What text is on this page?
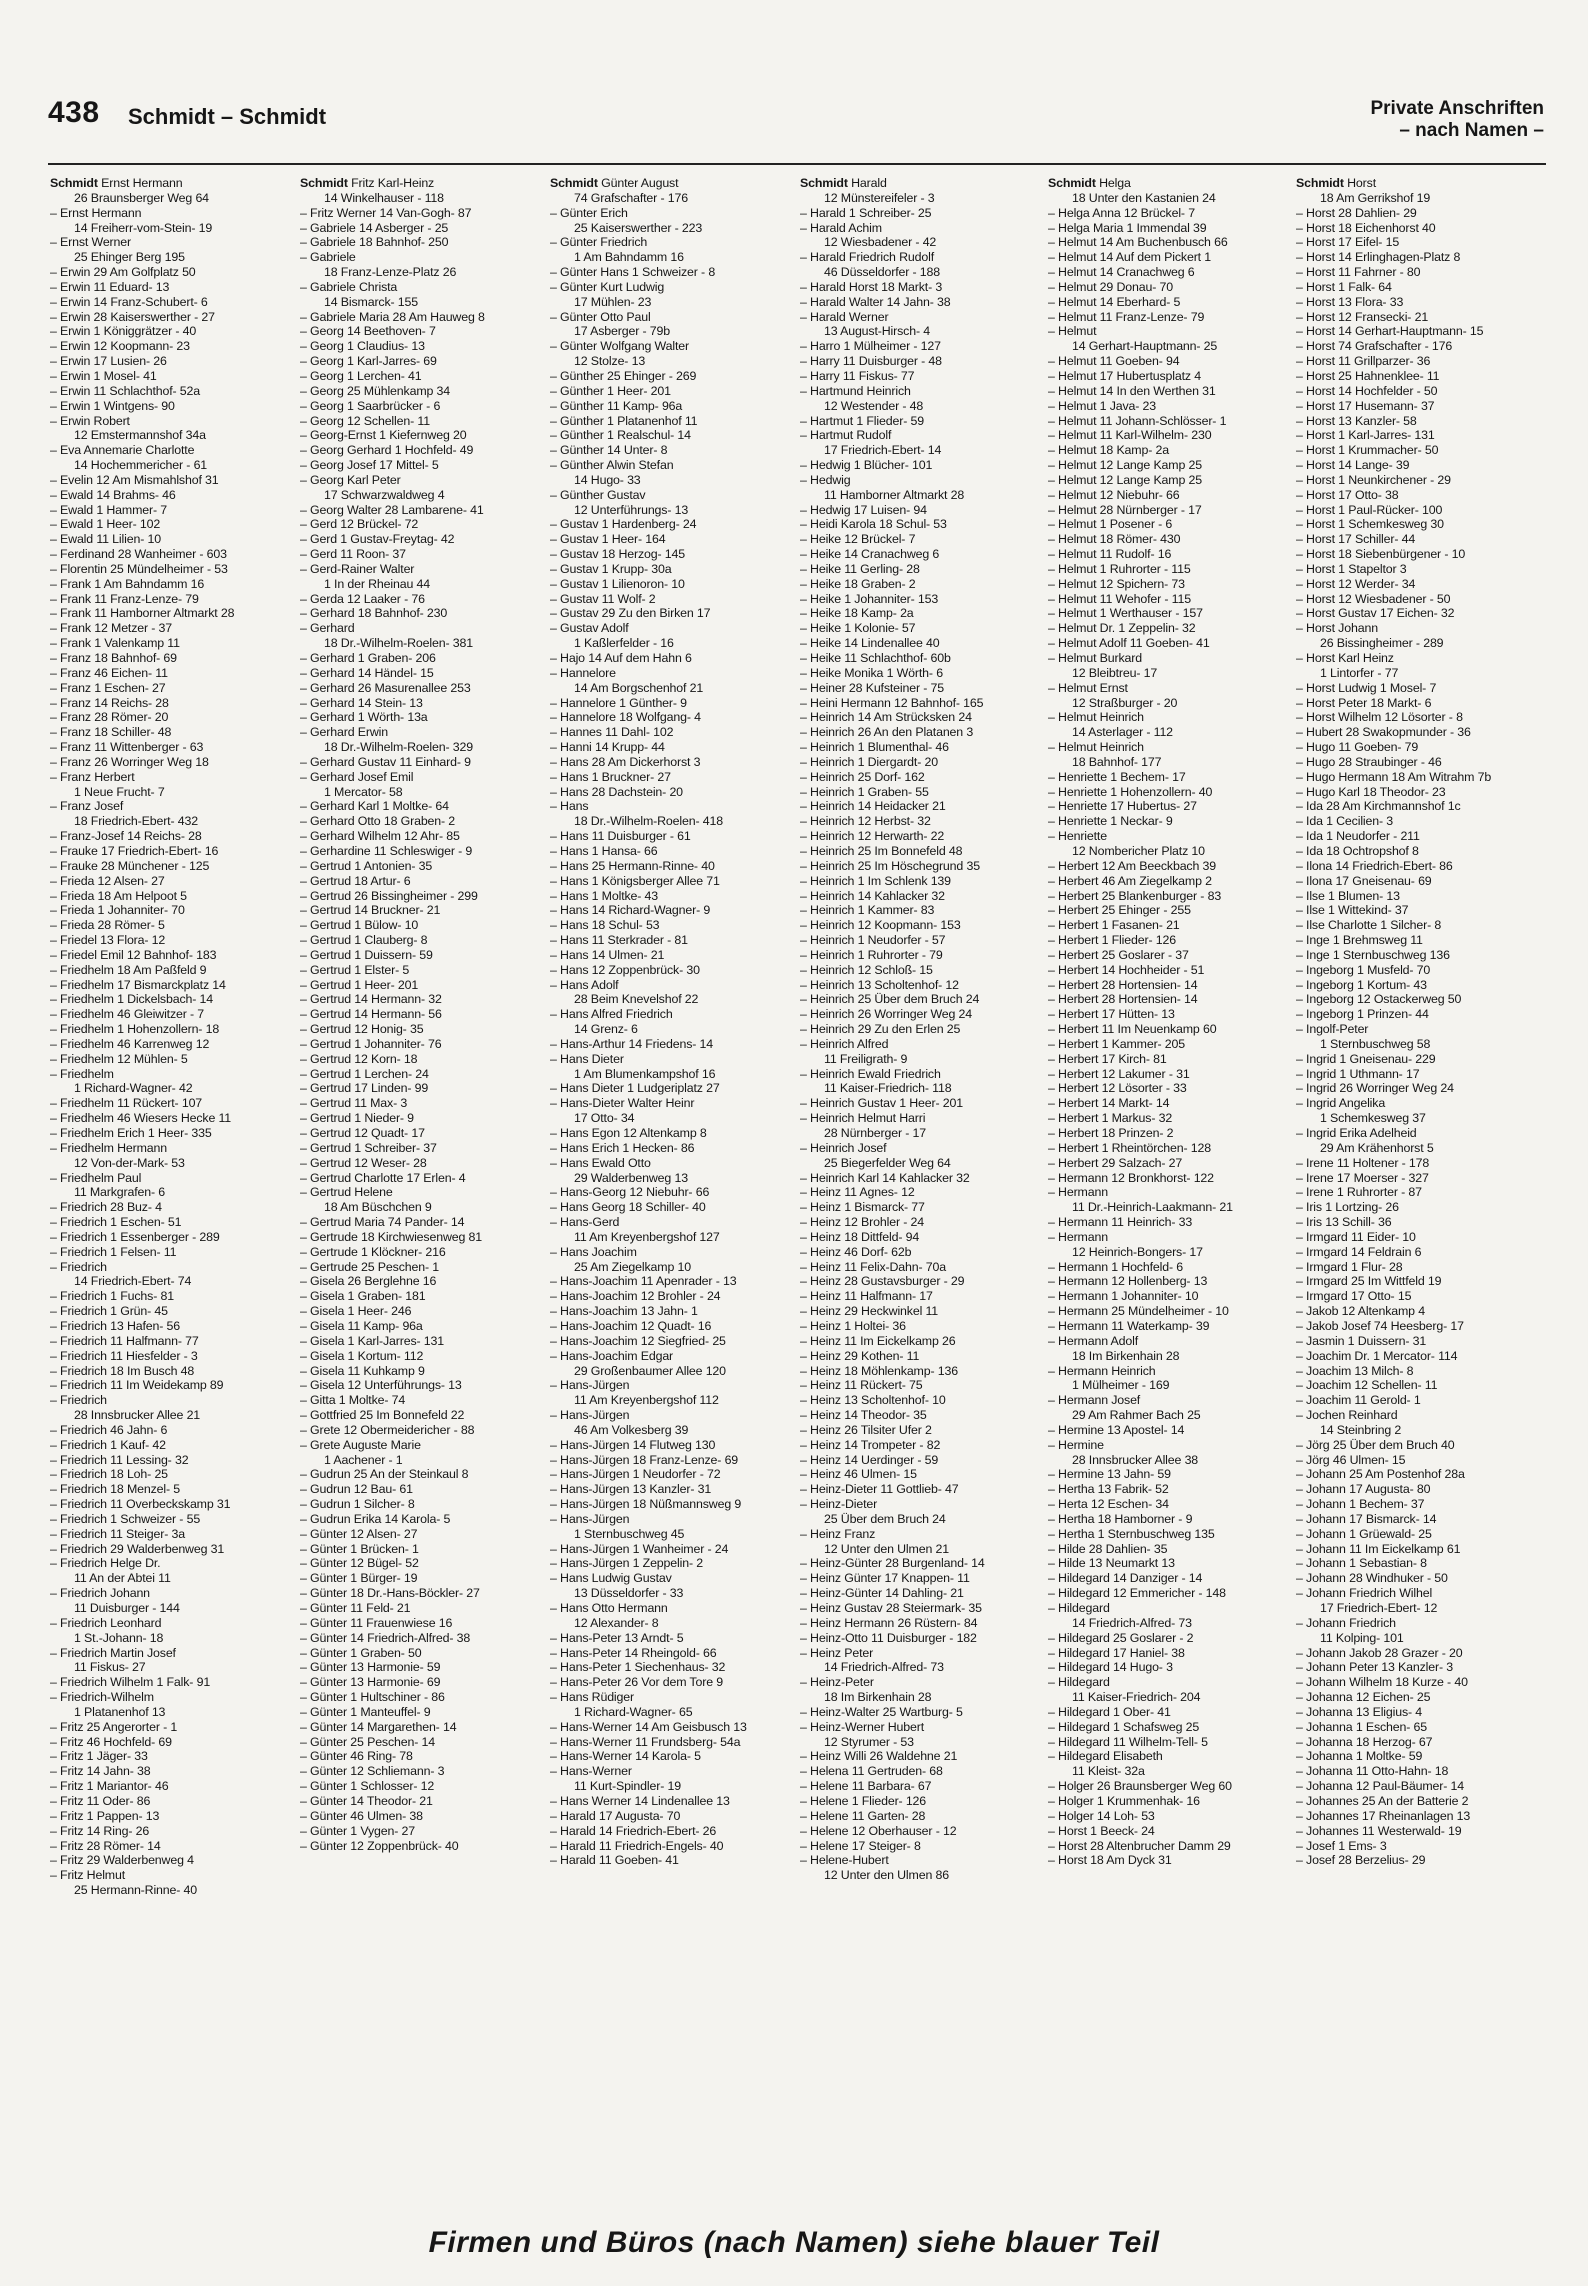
438 Schmidt – Schmidt	Private Anschriften
– nach Namen –
Schmidt Ernst Hermann
26 Braunsberger Weg 64
– Ernst Hermann
14 Freiherr-vom-Stein- 19
– Ernst Werner
25 Ehinger Berg 195
– Erwin 29 Am Golfplatz 50
– Erwin 11 Eduard- 13
– Erwin 14 Franz-Schubert- 6
– Erwin 28 Kaiserswerther - 27
– Erwin 1 Königgrätzer - 40
– Erwin 12 Koopmann- 23
– Erwin 17 Lusien- 26
– Erwin 1 Mosel- 41
– Erwin 11 Schlachthof- 52a
– Erwin 1 Wintgens- 90
– Erwin Robert
12 Emstermannshof 34a
– Eva Annemarie Charlotte
14 Hochemmericher - 61
– Evelin 12 Am Mismahlshof 31
– Ewald 14 Brahms- 46
– Ewald 1 Hammer- 7
– Ewald 1 Heer- 102
– Ewald 11 Lilien- 10
– Ferdinand 28 Wanheimer - 603
– Florentin 25 Mündelheimer - 53
– Frank 1 Am Bahndamm 16
– Frank 11 Franz-Lenze- 79
– Frank 11 Hamborner Altmarkt 28
– Frank 12 Metzer - 37
– Frank 1 Valenkamp 11
– Franz 18 Bahnhof- 69
– Franz 46 Eichen- 11
– Franz 1 Eschen- 27
– Franz 14 Reichs- 28
– Franz 28 Römer- 20
– Franz 18 Schiller- 48
– Franz 11 Wittenberger - 63
– Franz 26 Worringer Weg 18
– Franz Herbert
1 Neue Frucht- 7
– Franz Josef
18 Friedrich-Ebert- 432
– Franz-Josef 14 Reichs- 28
– Frauke 17 Friedrich-Ebert- 16
– Frauke 28 Münchener - 125
– Frieda 12 Alsen- 27
– Frieda 18 Am Helpoot 5
– Frieda 1 Johanniter- 70
– Frieda 28 Römer- 5
– Friedel 13 Flora- 12
– Friedel Emil 12 Bahnhof- 183
– Friedhelm 18 Am Paßfeld 9
– Friedhelm 17 Bismarckplatz 14
– Friedhelm 1 Dickelsbach- 14
– Friedhelm 46 Gleiwitzer - 7
– Friedhelm 1 Hohenzollern- 18
– Friedhelm 46 Karrenweg 12
– Friedhelm 12 Mühlen- 5
– Friedhelm
1 Richard-Wagner- 42
– Friedhelm 11 Rückert- 107
– Friedhelm 46 Wiesers Hecke 11
– Friedhelm Erich 1 Heer- 335
– Friedhelm Hermann
12 Von-der-Mark- 53
– Friedhelm Paul
11 Markgrafen- 6
– Friedrich 28 Buz- 4
– Friedrich 1 Eschen- 51
– Friedrich 1 Essenberger - 289
– Friedrich 1 Felsen- 11
– Friedrich
14 Friedrich-Ebert- 74
– Friedrich 1 Fuchs- 81
– Friedrich 1 Grün- 45
– Friedrich 13 Hafen- 56
– Friedrich 11 Halfmann- 77
– Friedrich 11 Hiesfelder - 3
– Friedrich 18 Im Busch 48
– Friedrich 11 Im Weidekamp 89
– Friedrich
28 Innsbrucker Allee 21
– Friedrich 46 Jahn- 6
– Friedrich 1 Kauf- 42
– Friedrich 11 Lessing- 32
– Friedrich 18 Loh- 25
– Friedrich 18 Menzel- 5
– Friedrich 11 Overbeckskamp 31
– Friedrich 1 Schweizer - 55
– Friedrich 11 Steiger- 3a
– Friedrich 29 Walderbenweg 31
– Friedrich Helge Dr.
11 An der Abtei 11
– Friedrich Johann
11 Duisburger - 144
– Friedrich Leonhard
1 St.-Johann- 18
– Friedrich Martin Josef
11 Fiskus- 27
– Friedrich Wilhelm 1 Falk- 91
– Friedrich-Wilhelm
1 Platanenhof 13
– Fritz 25 Angerorter - 1
– Fritz 46 Hochfeld- 69
– Fritz 1 Jäger- 33
– Fritz 14 Jahn- 38
– Fritz 1 Mariantor- 46
– Fritz 11 Oder- 86
– Fritz 1 Pappen- 13
– Fritz 14 Ring- 26
– Fritz 28 Römer- 14
– Fritz 29 Walderbenweg 4
– Fritz Helmut
25 Hermann-Rinne- 40
Schmidt Fritz Karl-Heinz
14 Winkelhauser - 118
– Fritz Werner 14 Van-Gogh- 87
– Gabriele 14 Asberger - 25
– Gabriele 18 Bahnhof- 250
– Gabriele
18 Franz-Lenze-Platz 26
– Gabriele Christa
14 Bismarck- 155
– Gabriele Maria 28 Am Hauweg 8
– Georg 14 Beethoven- 7
– Georg 1 Claudius- 13
– Georg 1 Karl-Jarres- 69
– Georg 1 Lerchen- 41
– Georg 25 Mühlenkamp 34
– Georg 1 Saarbrücker - 6
– Georg 12 Schellen- 11
– Georg-Ernst 1 Kiefernweg 20
– Georg Gerhard 1 Hochfeld- 49
– Georg Josef 17 Mittel- 5
– Georg Karl Peter
17 Schwarzwaldweg 4
– Georg Walter 28 Lambarene- 41
– Gerd 12 Brückel- 72
– Gerd 1 Gustav-Freytag- 42
– Gerd 11 Roon- 37
– Gerd-Rainer Walter
1 In der Rheinau 44
– Gerda 12 Laaker - 76
– Gerhard 18 Bahnhof- 230
– Gerhard
18 Dr.-Wilhelm-Roelen- 381
– Gerhard 1 Graben- 206
– Gerhard 14 Händel- 15
– Gerhard 26 Masurenallee 253
– Gerhard 14 Stein- 13
– Gerhard 1 Wörth- 13a
– Gerhard Erwin
18 Dr.-Wilhelm-Roelen- 329
– Gerhard Gustav 11 Einhard- 9
– Gerhard Josef Emil
1 Mercator- 58
– Gerhard Karl 1 Moltke- 64
– Gerhard Otto 18 Graben- 2
– Gerhard Wilhelm 12 Ahr- 85
– Gerhardine 11 Schleswiger - 9
– Gertrud 1 Antonien- 35
– Gertrud 18 Artur- 6
– Gertrud 26 Bissingheimer - 299
– Gertrud 14 Bruckner- 21
– Gertrud 1 Bülow- 10
– Gertrud 1 Clauberg- 8
– Gertrud 1 Duissern- 59
– Gertrud 1 Elster- 5
– Gertrud 1 Heer- 201
– Gertrud 14 Hermann- 32
– Gertrud 14 Hermann- 56
– Gertrud 12 Honig- 35
– Gertrud 1 Johanniter- 76
– Gertrud 12 Korn- 18
– Gertrud 1 Lerchen- 24
– Gertrud 17 Linden- 99
– Gertrud 11 Max- 3
– Gertrud 1 Nieder- 9
– Gertrud 12 Quadt- 17
– Gertrud 1 Schreiber- 37
– Gertrud 12 Weser- 28
– Gertrud Charlotte 17 Erlen- 4
– Gertrud Helene
18 Am Büschchen 9
– Gertrud Maria 74 Pander- 14
– Gertrude 18 Kirchwiesenweg 81
– Gertrude 1 Klöckner- 216
– Gertrude 25 Peschen- 1
– Gisela 26 Berglehne 16
– Gisela 1 Graben- 181
– Gisela 1 Heer- 246
– Gisela 11 Kamp- 96a
– Gisela 1 Karl-Jarres- 131
– Gisela 1 Kortum- 112
– Gisela 11 Kuhkamp 9
– Gisela 12 Unterführungs- 13
– Gitta 1 Moltke- 74
– Gottfried 25 Im Bonnefeld 22
– Grete 12 Obermeidericher - 88
– Grete Auguste Marie
1 Aachener - 1
– Gudrun 25 An der Steinkaul 8
– Gudrun 12 Bau- 61
– Gudrun 1 Silcher- 8
– Gudrun Erika 14 Karola- 5
– Günter 12 Alsen- 27
– Günter 1 Brücken- 1
– Günter 12 Bügel- 52
– Günter 1 Bürger- 19
– Günter 18 Dr.-Hans-Böckler- 27
– Günter 11 Feld- 21
– Günter 11 Frauenwiese 16
– Günter 14 Friedrich-Alfred- 38
– Günter 1 Graben- 50
– Günter 13 Harmonie- 59
– Günter 13 Harmonie- 69
– Günter 1 Hultschiner - 86
– Günter 1 Manteuffel- 9
– Günter 14 Margarethen- 14
– Günter 25 Peschen- 14
– Günter 46 Ring- 78
– Günter 12 Schliemann- 3
– Günter 1 Schlosser- 12
– Günter 14 Theodor- 21
– Günter 46 Ulmen- 38
– Günter 1 Vygen- 27
– Günter 12 Zoppenbrück- 40
Schmidt Günter August
74 Grafschafter - 176
– Günter Erich
25 Kaiserswerther - 223
– Günter Friedrich
1 Am Bahndamm 16
– Günter Hans 1 Schweizer - 8
– Günter Kurt Ludwig
17 Mühlen- 23
– Günter Otto Paul
17 Asberger - 79b
– Günter Wolfgang Walter
12 Stolze- 13
– Günther 25 Ehinger - 269
– Günther 1 Heer- 201
– Günther 11 Kamp- 96a
– Günther 1 Platanenhof 11
– Günther 1 Realschul- 14
– Günther 14 Unter- 8
– Günther Alwin Stefan
14 Hugo- 33
– Günther Gustav
12 Unterführungs- 13
– Gustav 1 Hardenberg- 24
– Gustav 1 Heer- 164
– Gustav 18 Herzog- 145
– Gustav 1 Krupp- 30a
– Gustav 1 Lilienoron- 10
– Gustav 11 Wolf- 2
– Gustav 29 Zu den Birken 17
– Gustav Adolf
1 Kaßlerfelder - 16
– Hajo 14 Auf dem Hahn 6
– Hannelore
14 Am Borgschenhof 21
– Hannelore 1 Günther- 9
– Hannelore 18 Wolfgang- 4
– Hannes 11 Dahl- 102
– Hanni 14 Krupp- 44
– Hans 28 Am Dickerhorst 3
– Hans 1 Bruckner- 27
– Hans 28 Dachstein- 20
– Hans
18 Dr.-Wilhelm-Roelen- 418
– Hans 11 Duisburger - 61
– Hans 1 Hansa- 66
– Hans 25 Hermann-Rinne- 40
– Hans 1 Königsberger Allee 71
– Hans 1 Moltke- 43
– Hans 14 Richard-Wagner- 9
– Hans 18 Schul- 53
– Hans 11 Sterkrader - 81
– Hans 14 Ulmen- 21
– Hans 12 Zoppenbrück- 30
– Hans Adolf
28 Beim Knevelshof 22
– Hans Alfred Friedrich
14 Grenz- 6
– Hans-Arthur 14 Friedens- 14
– Hans Dieter
1 Am Blumenkampshof 16
– Hans Dieter 1 Ludgeriplatz 27
– Hans-Dieter Walter Heinr
17 Otto- 34
– Hans Egon 12 Altenkamp 8
– Hans Erich 1 Hecken- 86
– Hans Ewald Otto
29 Walderbenweg 13
– Hans-Georg 12 Niebuhr- 66
– Hans Georg 18 Schiller- 40
– Hans-Gerd
11 Am Kreyenbergshof 127
– Hans Joachim
25 Am Ziegelkamp 10
– Hans-Joachim 11 Apenrader - 13
– Hans-Joachim 12 Brohler - 24
– Hans-Joachim 13 Jahn- 1
– Hans-Joachim 12 Quadt- 16
– Hans-Joachim 12 Siegfried- 25
– Hans-Joachim Edgar
29 Großenbaumer Allee 120
– Hans-Jürgen
11 Am Kreyenbergshof 112
– Hans-Jürgen
46 Am Volkesberg 39
– Hans-Jürgen 14 Flutweg 130
– Hans-Jürgen 18 Franz-Lenze- 69
– Hans-Jürgen 1 Neudorfer - 72
– Hans-Jürgen 13 Kanzler- 31
– Hans-Jürgen 18 Nüßmannsweg 9
– Hans-Jürgen
1 Sternbuschweg 45
– Hans-Jürgen 1 Wanheimer - 24
– Hans-Jürgen 1 Zeppelin- 2
– Hans Ludwig Gustav
13 Düsseldorfer - 33
– Hans Otto Hermann
12 Alexander- 8
– Hans-Peter 13 Arndt- 5
– Hans-Peter 14 Rheingold- 66
– Hans-Peter 1 Siechenhaus- 32
– Hans-Peter 26 Vor dem Tore 9
– Hans Rüdiger
1 Richard-Wagner- 65
– Hans-Werner 14 Am Geisbusch 13
– Hans-Werner 11 Frundsberg- 54a
– Hans-Werner 14 Karola- 5
– Hans-Werner
11 Kurt-Spindler- 19
– Hans Werner 14 Lindenallee 13
– Harald 17 Augusta- 70
– Harald 14 Friedrich-Ebert- 26
– Harald 11 Friedrich-Engels- 40
– Harald 11 Goeben- 41
Schmidt Harald
12 Münstereifeler - 3
– Harald 1 Schreiber- 25
– Harald Achim
12 Wiesbadener - 42
– Harald Friedrich Rudolf
46 Düsseldorfer - 188
– Harald Horst 18 Markt- 3
– Harald Walter 14 Jahn- 38
– Harald Werner
13 August-Hirsch- 4
– Harro 1 Mülheimer - 127
– Harry 11 Duisburger - 48
– Harry 11 Fiskus- 77
– Hartmund Heinrich
12 Westender - 48
– Hartmut 1 Flieder- 59
– Hartmut Rudolf
17 Friedrich-Ebert- 14
– Hedwig 1 Blücher- 101
– Hedwig
11 Hamborner Altmarkt 28
– Hedwig 17 Luisen- 94
– Heidi Karola 18 Schul- 53
– Heike 12 Brückel- 7
– Heike 14 Cranachweg 6
– Heike 11 Gerling- 28
– Heike 18 Graben- 2
– Heike 1 Johanniter- 153
– Heike 18 Kamp- 2a
– Heike 1 Kolonie- 57
– Heike 14 Lindenallee 40
– Heike 11 Schlachthof- 60b
– Heike Monika 1 Wörth- 6
– Heiner 28 Kufsteiner - 75
– Heini Hermann 12 Bahnhof- 165
– Heinrich 14 Am Strücksken 24
– Heinrich 26 An den Platanen 3
– Heinrich 1 Blumenthal- 46
– Heinrich 1 Diergardt- 20
– Heinrich 25 Dorf- 162
– Heinrich 1 Graben- 55
– Heinrich 14 Heidacker 21
– Heinrich 12 Herbst- 32
– Heinrich 12 Herwarth- 22
– Heinrich 25 Im Bonnefeld 48
– Heinrich 25 Im Höschegrund 35
– Heinrich 1 Im Schlenk 139
– Heinrich 14 Kahlacker 32
– Heinrich 1 Kammer- 83
– Heinrich 12 Koopmann- 153
– Heinrich 1 Neudorfer - 57
– Heinrich 1 Ruhrorter - 79
– Heinrich 12 Schloß- 15
– Heinrich 13 Scholtenhof- 12
– Heinrich 25 Über dem Bruch 24
– Heinrich 26 Worringer Weg 24
– Heinrich 29 Zu den Erlen 25
– Heinrich Alfred
11 Freiligrath- 9
– Heinrich Ewald Friedrich
11 Kaiser-Friedrich- 118
– Heinrich Gustav 1 Heer- 201
– Heinrich Helmut Harri
28 Nürnberger - 17
– Heinrich Josef
25 Biegerfelder Weg 64
– Heinrich Karl 14 Kahlacker 32
– Heinz 11 Agnes- 12
– Heinz 1 Bismarck- 77
– Heinz 12 Brohler - 24
– Heinz 18 Dittfeld- 94
– Heinz 46 Dorf- 62b
– Heinz 11 Felix-Dahn- 70a
– Heinz 28 Gustavsburger - 29
– Heinz 11 Halfmann- 17
– Heinz 29 Heckwinkel 11
– Heinz 1 Holtei- 36
– Heinz 11 Im Eickelkamp 26
– Heinz 29 Kothen- 11
– Heinz 18 Möhlenkamp- 136
– Heinz 11 Rückert- 75
– Heinz 13 Scholtenhof- 10
– Heinz 14 Theodor- 35
– Heinz 26 Tilsiter Ufer 2
– Heinz 14 Trompeter - 82
– Heinz 14 Uerdinger - 59
– Heinz 46 Ulmen- 15
– Heinz-Dieter 11 Gottlieb- 47
– Heinz-Dieter
25 Über dem Bruch 24
– Heinz Franz
12 Unter den Ulmen 21
– Heinz-Günter 28 Burgenland- 14
– Heinz Günter 17 Knappen- 11
– Heinz-Günter 14 Dahling- 21
– Heinz Gustav 28 Steiermark- 35
– Heinz Hermann 26 Rüstern- 84
– Heinz-Otto 11 Duisburger - 182
– Heinz Peter
14 Friedrich-Alfred- 73
– Heinz-Peter
18 Im Birkenhain 28
– Heinz-Walter 25 Wartburg- 5
– Heinz-Werner Hubert
12 Styrumer - 53
– Heinz Willi 26 Waldehne 21
– Helena 11 Gertruden- 68
– Helene 11 Barbara- 67
– Helene 1 Flieder- 126
– Helene 11 Garten- 28
– Helene 12 Oberhauser - 12
– Helene 17 Steiger- 8
– Helene-Hubert
12 Unter den Ulmen 86
Schmidt Helga
18 Unter den Kastanien 24
– Helga Anna 12 Brückel- 7
– Helga Maria 1 Immendal 39
– Helmut 14 Am Buchenbusch 66
– Helmut 14 Auf dem Pickert 1
– Helmut 14 Cranachweg 6
– Helmut 29 Donau- 70
– Helmut 14 Eberhard- 5
– Helmut 11 Franz-Lenze- 79
– Helmut
14 Gerhart-Hauptmann- 25
– Helmut 11 Goeben- 94
– Helmut 17 Hubertusplatz 4
– Helmut 14 In den Werthen 31
– Helmut 1 Java- 23
– Helmut 11 Johann-Schlösser- 1
– Helmut 11 Karl-Wilhelm- 230
– Helmut 18 Kamp- 2a
– Helmut 12 Lange Kamp 25
– Helmut 12 Lange Kamp 25
– Helmut 12 Niebuhr- 66
– Helmut 28 Nürnberger - 17
– Helmut 1 Posener - 6
– Helmut 18 Römer- 430
– Helmut 11 Rudolf- 16
– Helmut 1 Ruhrorter - 115
– Helmut 12 Spichern- 73
– Helmut 11 Wehofer - 115
– Helmut 1 Werthauser - 157
– Helmut Dr. 1 Zeppelin- 32
– Helmut Adolf 11 Goeben- 41
– Helmut Burkard
12 Bleibtreu- 17
– Helmut Ernst
12 Straßburger - 20
– Helmut Heinrich
14 Asterlager - 112
– Helmut Heinrich
18 Bahnhof- 177
– Henriette 1 Bechem- 17
– Henriette 1 Hohenzollern- 40
– Henriette 17 Hubertus- 27
– Henriette 1 Neckar- 9
– Henriette
12 Nombericher Platz 10
– Herbert 12 Am Beeckbach 39
– Herbert 46 Am Ziegelkamp 2
– Herbert 25 Blankenburger - 83
– Herbert 25 Ehinger - 255
– Herbert 1 Fasanen- 21
– Herbert 1 Flieder- 126
– Herbert 25 Goslarer - 37
– Herbert 14 Hochheider - 51
– Herbert 28 Hortensien- 14
– Herbert 28 Hortensien- 14
– Herbert 17 Hütten- 13
– Herbert 11 Im Neuenkamp 60
– Herbert 1 Kammer- 205
– Herbert 17 Kirch- 81
– Herbert 12 Lakumer - 31
– Herbert 12 Lösorter - 33
– Herbert 14 Markt- 14
– Herbert 1 Markus- 32
– Herbert 18 Prinzen- 2
– Herbert 1 Rheintörchen- 128
– Herbert 29 Salzach- 27
– Hermann 12 Bronkhorst- 122
– Hermann
11 Dr.-Heinrich-Laakmann- 21
– Hermann 11 Heinrich- 33
– Hermann
12 Heinrich-Bongers- 17
– Hermann 1 Hochfeld- 6
– Hermann 12 Hollenberg- 13
– Hermann 1 Johanniter- 10
– Hermann 25 Mündelheimer - 10
– Hermann 11 Waterkamp- 39
– Hermann Adolf
18 Im Birkenhain 28
– Hermann Heinrich
1 Mülheimer - 169
– Hermann Josef
29 Am Rahmer Bach 25
– Hermine 13 Apostel- 14
– Hermine
28 Innsbrucker Allee 38
– Hermine 13 Jahn- 59
– Hertha 13 Fabrik- 52
– Herta 12 Eschen- 34
– Hertha 18 Hamborner - 9
– Hertha 1 Sternbuschweg 135
– Hilde 28 Dahlien- 35
– Hilde 13 Neumarkt 13
– Hildegard 14 Danziger - 14
– Hildegard 12 Emmericher - 148
– Hildegard
14 Friedrich-Alfred- 73
– Hildegard 25 Goslarer - 2
– Hildegard 17 Haniel- 38
– Hildegard 14 Hugo- 3
– Hildegard
11 Kaiser-Friedrich- 204
– Hildegard 1 Ober- 41
– Hildegard 1 Schafsweg 25
– Hildegard 11 Wilhelm-Tell- 5
– Hildegard Elisabeth
11 Kleist- 32a
– Holger 26 Braunsberger Weg 60
– Holger 1 Krummenhak- 16
– Holger 14 Loh- 53
– Horst 1 Beeck- 24
– Horst 28 Altenbrucher Damm 29
– Horst 18 Am Dyck 31
Schmidt Horst
18 Am Gerrikshof 19
– Horst 28 Dahlien- 29
– Horst 18 Eichenhorst 40
– Horst 17 Eifel- 15
– Horst 14 Erlinghagen-Platz 8
– Horst 11 Fahrner - 80
– Horst 1 Falk- 64
– Horst 13 Flora- 33
– Horst 12 Fransecki- 21
– Horst 14 Gerhart-Hauptmann- 15
– Horst 74 Grafschafter - 176
– Horst 11 Grillparzer- 36
– Horst 25 Hahnenklee- 11
– Horst 14 Hochfelder - 50
– Horst 17 Husemann- 37
– Horst 13 Kanzler- 58
– Horst 1 Karl-Jarres- 131
– Horst 1 Krummacher- 50
– Horst 14 Lange- 39
– Horst 1 Neunkirchener - 29
– Horst 17 Otto- 38
– Horst 1 Paul-Rücker- 100
– Horst 1 Schemkesweg 30
– Horst 17 Schiller- 44
– Horst 18 Siebenbürgener - 10
– Horst 1 Stapeltor 3
– Horst 12 Werder- 34
– Horst 12 Wiesbadener - 50
– Horst Gustav 17 Eichen- 32
– Horst Johann
26 Bissingheimer - 289
– Horst Karl Heinz
1 Lintorfer - 77
– Horst Ludwig 1 Mosel- 7
– Horst Peter 18 Markt- 6
– Horst Wilhelm 12 Lösorter - 8
– Hubert 28 Swakopmunder - 36
– Hugo 11 Goeben- 79
– Hugo 28 Straubinger - 46
– Hugo Hermann 18 Am Witrahm 7b
– Hugo Karl 18 Theodor- 23
– Ida 28 Am Kirchmannshof 1c
– Ida 1 Cecilien- 3
– Ida 1 Neudorfer - 211
– Ida 18 Ochtropshof 8
– Ilona 14 Friedrich-Ebert- 86
– Ilona 17 Gneisenau- 69
– Ilse 1 Blumen- 13
– Ilse 1 Wittekind- 37
– Ilse Charlotte 1 Silcher- 8
– Inge 1 Brehmsweg 11
– Inge 1 Sternbuschweg 136
– Ingeborg 1 Musfeld- 70
– Ingeborg 1 Kortum- 43
– Ingeborg 12 Ostackerweg 50
– Ingeborg 1 Prinzen- 44
– Ingolf-Peter
1 Sternbuschweg 58
– Ingrid 1 Gneisenau- 229
– Ingrid 1 Uthmann- 17
– Ingrid 26 Worringer Weg 24
– Ingrid Angelika
1 Schemkesweg 37
– Ingrid Erika Adelheid
29 Am Krähenhorst 5
– Irene 11 Holtener - 178
– Irene 17 Moerser - 327
– Irene 1 Ruhrorter - 87
– Iris 1 Lortzing- 26
– Iris 13 Schill- 36
– Irmgard 11 Eider- 10
– Irmgard 14 Feldrain 6
– Irmgard 1 Flur- 28
– Irmgard 25 Im Wittfeld 19
– Irmgard 17 Otto- 15
– Jakob 12 Altenkamp 4
– Jakob Josef 74 Heesberg- 17
– Jasmin 1 Duissern- 31
– Joachim Dr. 1 Mercator- 114
– Joachim 13 Milch- 8
– Joachim 12 Schellen- 11
– Joachim 11 Gerold- 1
– Jochen Reinhard
14 Steinbring 2
– Jörg 25 Über dem Bruch 40
– Jörg 46 Ulmen- 15
– Johann 25 Am Postenhof 28a
– Johann 17 Augusta- 80
– Johann 1 Bechem- 37
– Johann 17 Bismarck- 14
– Johann 1 Grüewald- 25
– Johann 11 Im Eickelkamp 61
– Johann 1 Sebastian- 8
– Johann 28 Windhuker - 50
– Johann Friedrich Wilhel
17 Friedrich-Ebert- 12
– Johann Friedrich
11 Kolping- 101
– Johann Jakob 28 Grazer - 20
– Johann Peter 13 Kanzler- 3
– Johann Wilhelm 18 Kurze - 40
– Johanna 12 Eichen- 25
– Johanna 13 Eligius- 4
– Johanna 1 Eschen- 65
– Johanna 18 Herzog- 67
– Johanna 1 Moltke- 59
– Johanna 11 Otto-Hahn- 18
– Johanna 12 Paul-Bäumer- 14
– Johannes 25 An der Batterie 2
– Johannes 17 Rheinanlagen 13
– Johannes 11 Westerwald- 19
– Josef 1 Ems- 3
– Josef 28 Berzelius- 29
Firmen und Büros (nach Namen) siehe blauer Teil
